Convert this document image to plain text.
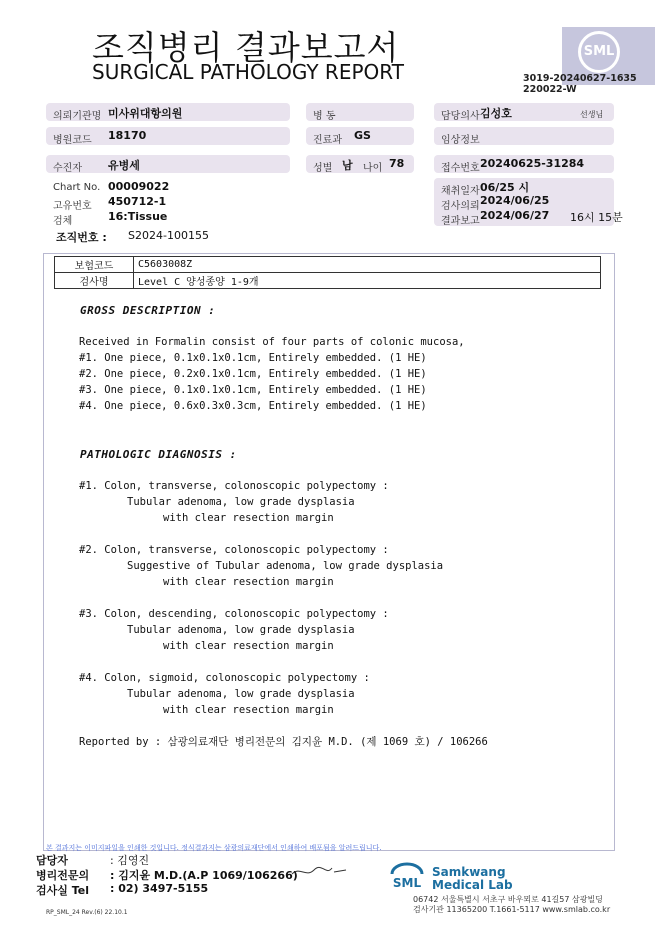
조직병리 결과보고서
SURGICAL PATHOLOGY REPORT
SML
3019-20240627-1635
220022-W
의뢰기관명 미사위대항의원	병 동	담당의사 김성호	선생님
병원코드 18170	진료과 GS	임상정보
수진자 유병세	성별 남 나이 78	접수번호 20240625-31284
Chart No. 00009022
고유번호 450712-1
검체	16:Tissue
채취일자 06/25 시
검사의뢰 2024/06/25
결과보고 2024/06/27 16시 15분
조직번호 : S2024-100155
보험코드	C5603008Z
검사명	Level C 양성종양 1-9개
GROSS DESCRIPTION :
Received in Formalin consist of four parts of colonic mucosa,
#1. One piece, 0.1x0.1x0.1cm, Entirely embedded. (1 HE)
#2. One piece, 0.2x0.1x0.1cm, Entirely embedded. (1 HE)
#3. One piece, 0.1x0.1x0.1cm, Entirely embedded. (1 HE)
#4. One piece, 0.6x0.3x0.3cm, Entirely embedded. (1 HE)
PATHOLOGIC DIAGNOSIS :
#1. Colon, transverse, colonoscopic polypectomy :
Tubular adenoma, low grade dysplasia
with clear resection margin
#2. Colon, transverse, colonoscopic polypectomy :
Suggestive of Tubular adenoma, low grade dysplasia
with clear resection margin
#3. Colon, descending, colonoscopic polypectomy :
Tubular adenoma, low grade dysplasia
with clear resection margin
#4. Colon, sigmoid, colonoscopic polypectomy :
Tubular adenoma, low grade dysplasia
with clear resection margin
Reported by : 삼광의료재단 병리전문의 김지윤 M.D. (제 1069 호) / 106266
본 결과지는 이미지파일을 인쇄한 것입니다. 정식결과지는 삼광의료재단에서 인쇄하여 배포됨을 알려드립니다.
담당자	: 김영진
병리전문의 : 김지윤 M.D.(A.P 1069/106266)
검사실 Tel : 02) 3497-5155	SML
Samkwang
Medical Lab
06742 서울특별시 서초구 바우뫼로 41길57 삼광빌딩
검사기관 11365200 T.1661-5117 www.smlab.co.kr
RP_SML_24 Rev.(6) 22.10.1
